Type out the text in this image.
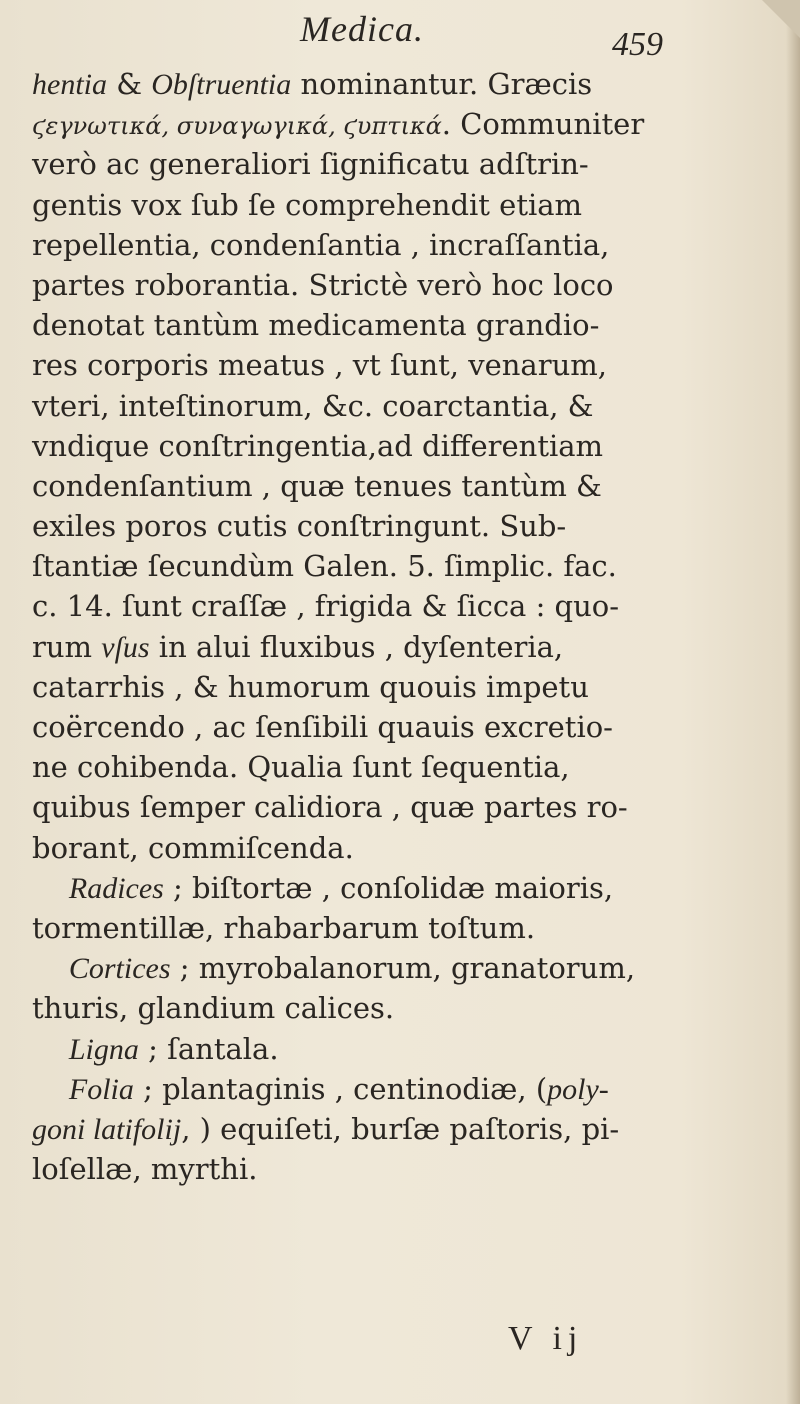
Medica.	459
hentia & Obſtruentia nominantur. Græcis
ϛεγνωτικά, συναγωγικά, ϛυπτικά. Communiter
verò ac generaliori ſignificatu adſtrin-
gentis vox ſub ſe comprehendit etiam
repellentia, condenſantia , incraſſantia,
partes roborantia. Strictè verò hoc loco
denotat tantùm medicamenta grandio-
res corporis meatus , vt ſunt, venarum,
vteri, inteſtinorum, &c. coarctantia, &
vndique conſtringentia,ad differentiam
condenſantium , quæ tenues tantùm &
exiles poros cutis conſtringunt. Sub-
ſtantiæ ſecundùm Galen. 5. ſimplic. fac.
c. 14. ſunt craſſæ , frigida & ſicca : quo-
rum vſus in alui fluxibus , dyſenteria,
catarrhis , & humorum quouis impetu
coërcendo , ac ſenſibili quauis excretio-
ne cohibenda. Qualia ſunt ſequentia,
quibus ſemper calidiora , quæ partes ro-
borant, commiſcenda.
Radices ; biſtortæ , conſolidæ maioris,
tormentillæ, rhabarbarum toſtum.
Cortices ; myrobalanorum, granatorum,
thuris, glandium calices.
Ligna ; ſantala.
Folia ; plantaginis , centinodiæ, (poly-
goni latifolij, ) equiſeti, burſæ paſtoris, pi-
loſellæ, myrthi.
V ij
